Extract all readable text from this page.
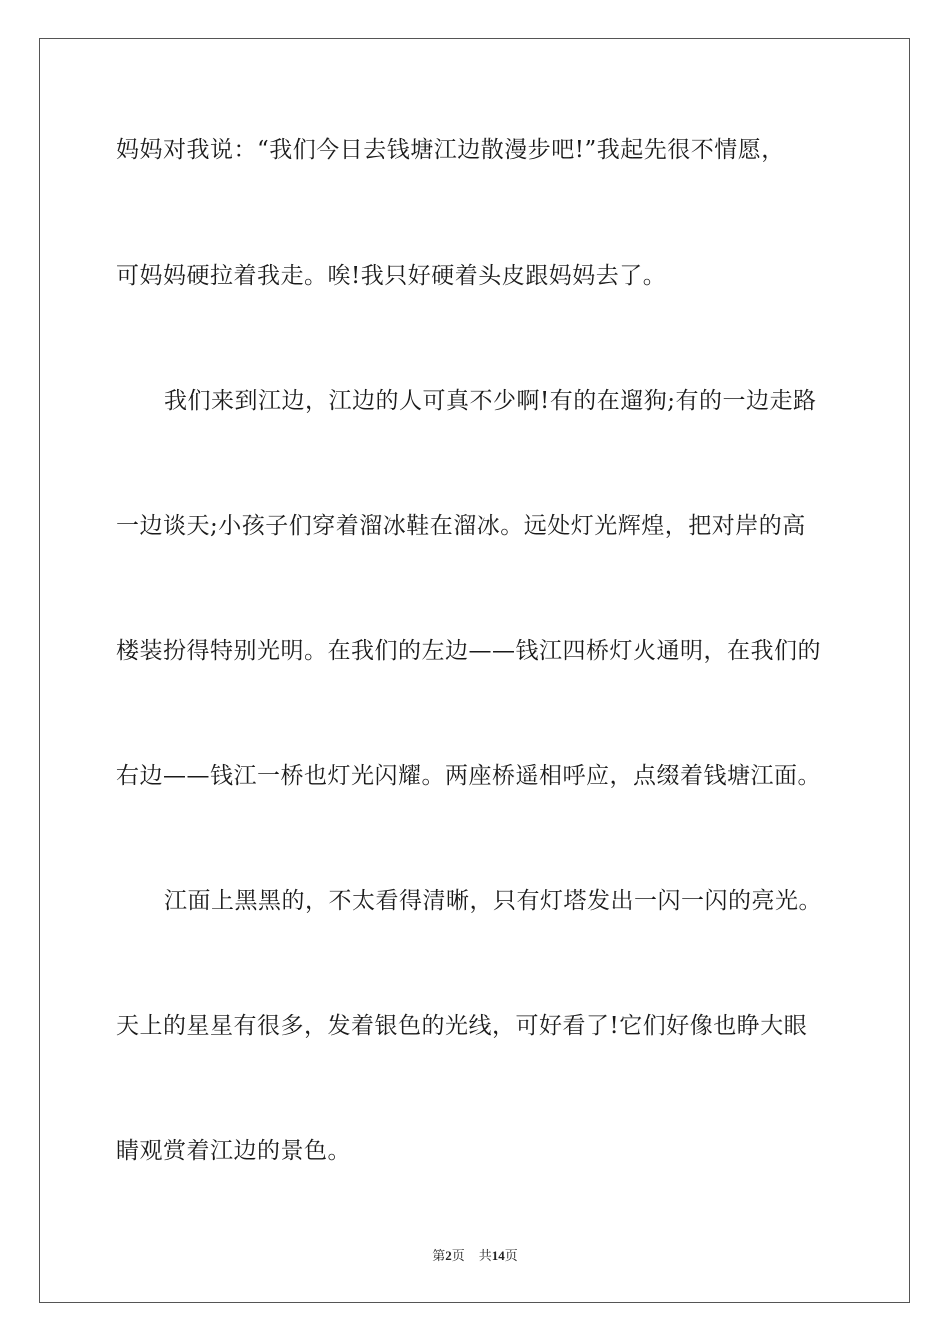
妈妈对我说：“我们今日去钱塘江边散漫步吧!”我起先很不情愿，
可妈妈硬拉着我走。唉!我只好硬着头皮跟妈妈去了。
我们来到江边，江边的人可真不少啊!有的在遛狗;有的一边走路
一边谈天;小孩子们穿着溜冰鞋在溜冰。远处灯光辉煌，把对岸的高
楼装扮得特别光明。在我们的左边——钱江四桥灯火通明，在我们的
右边——钱江一桥也灯光闪耀。两座桥遥相呼应，点缀着钱塘江面。
江面上黑黑的，不太看得清晰，只有灯塔发出一闪一闪的亮光。
天上的星星有很多，发着银色的光线，可好看了!它们好像也睁大眼
睛观赏着江边的景色。
第2页 共14页
